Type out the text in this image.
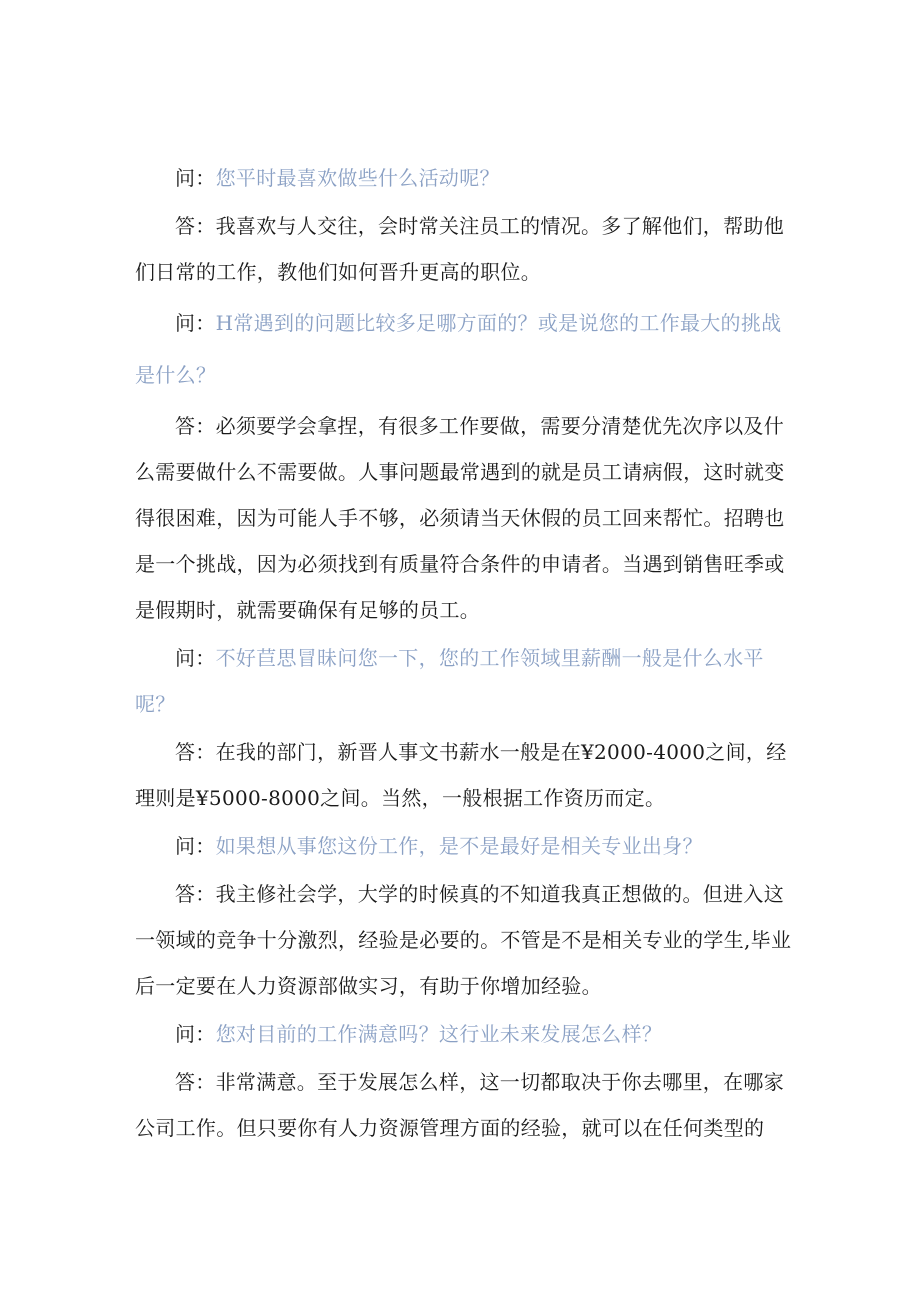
问：您平时最喜欢做些什么活动呢？

答：我喜欢与人交往，会时常关注员工的情况。多了解他们，帮助他们日常的工作，教他们如何晋升更高的职位。

问：H常遇到的问题比较多足哪方面的？或是说您的工作最大的挑战是什么？

答：必须要学会拿捏，有很多工作要做，需要分清楚优先次序以及什么需要做什么不需要做。人事问题最常遇到的就是员工请病假，这时就变得很困难，因为可能人手不够，必须请当天休假的员工回来帮忙。招聘也是一个挑战，因为必须找到有质量符合条件的申请者。当遇到销售旺季或是假期时，就需要确保有足够的员工。

问：不好苣思冒昧问您一下，您的工作领域里薪酬一般是什么水平呢？

答：在我的部门，新晋人事文书薪水一般是在¥2000-4000之间，经理则是¥5000-8000之间。当然，一般根据工作资历而定。

问：如果想从事您这份工作，是不是最好是相关专业出身？

答：我主修社会学，大学的时候真的不知道我真正想做的。但进入这一领域的竞争十分激烈，经验是必要的。不管是不是相关专业的学生,毕业后一定要在人力资源部做实习，有助于你增加经验。

问：您对目前的工作满意吗？这行业未来发展怎么样？

答：非常满意。至于发展怎么样，这一切都取决于你去哪里，在哪家公司工作。但只要你有人力资源管理方面的经验，就可以在任何类型的
